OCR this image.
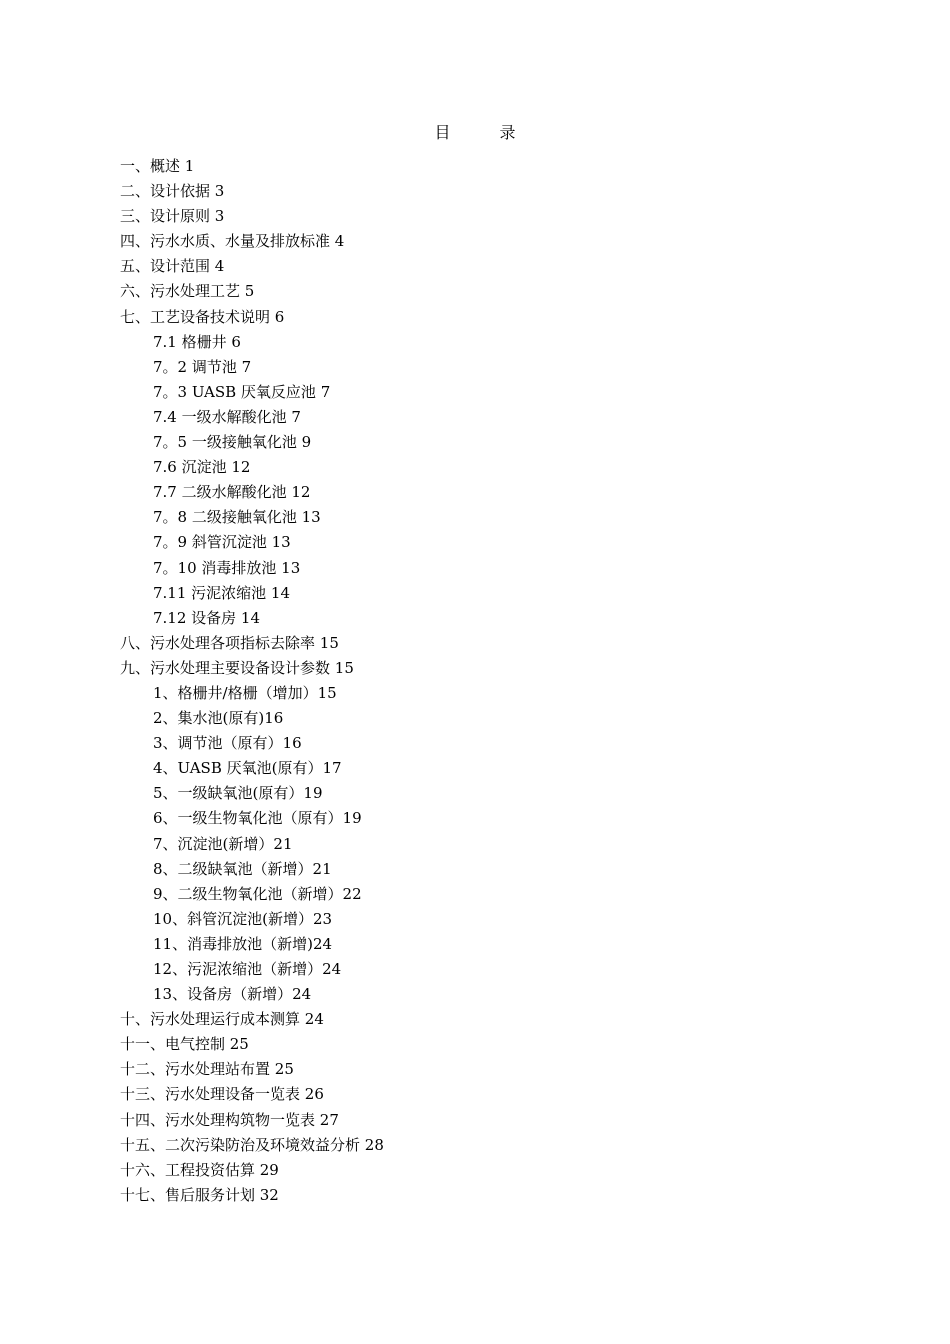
目 录
一、概述 1
二、设计依据 3
三、设计原则 3
四、污水水质、水量及排放标准 4
五、设计范围 4
六、污水处理工艺 5
七、工艺设备技术说明 6
7.1 格栅井 6
7。2 调节池 7
7。3 UASB 厌氧反应池 7
7.4 一级水解酸化池 7
7。5 一级接触氧化池 9
7.6 沉淀池 12
7.7 二级水解酸化池 12
7。8 二级接触氧化池 13
7。9 斜管沉淀池 13
7。10 消毒排放池 13
7.11 污泥浓缩池 14
7.12 设备房 14
八、污水处理各项指标去除率 15
九、污水处理主要设备设计参数 15
1、格栅井/格栅（增加）15
2、集水池(原有)16
3、调节池（原有）16
4、UASB 厌氧池(原有）17
5、一级缺氧池(原有）19
6、一级生物氧化池（原有）19
7、沉淀池(新增）21
8、二级缺氧池（新增）21
9、二级生物氧化池（新增）22
10、斜管沉淀池(新增）23
11、消毒排放池（新增)24
12、污泥浓缩池（新增）24
13、设备房（新增）24
十、污水处理运行成本测算 24
十一、电气控制 25
十二、污水处理站布置 25
十三、污水处理设备一览表 26
十四、污水处理构筑物一览表 27
十五、二次污染防治及环境效益分析 28
十六、工程投资估算 29
十七、售后服务计划 32
